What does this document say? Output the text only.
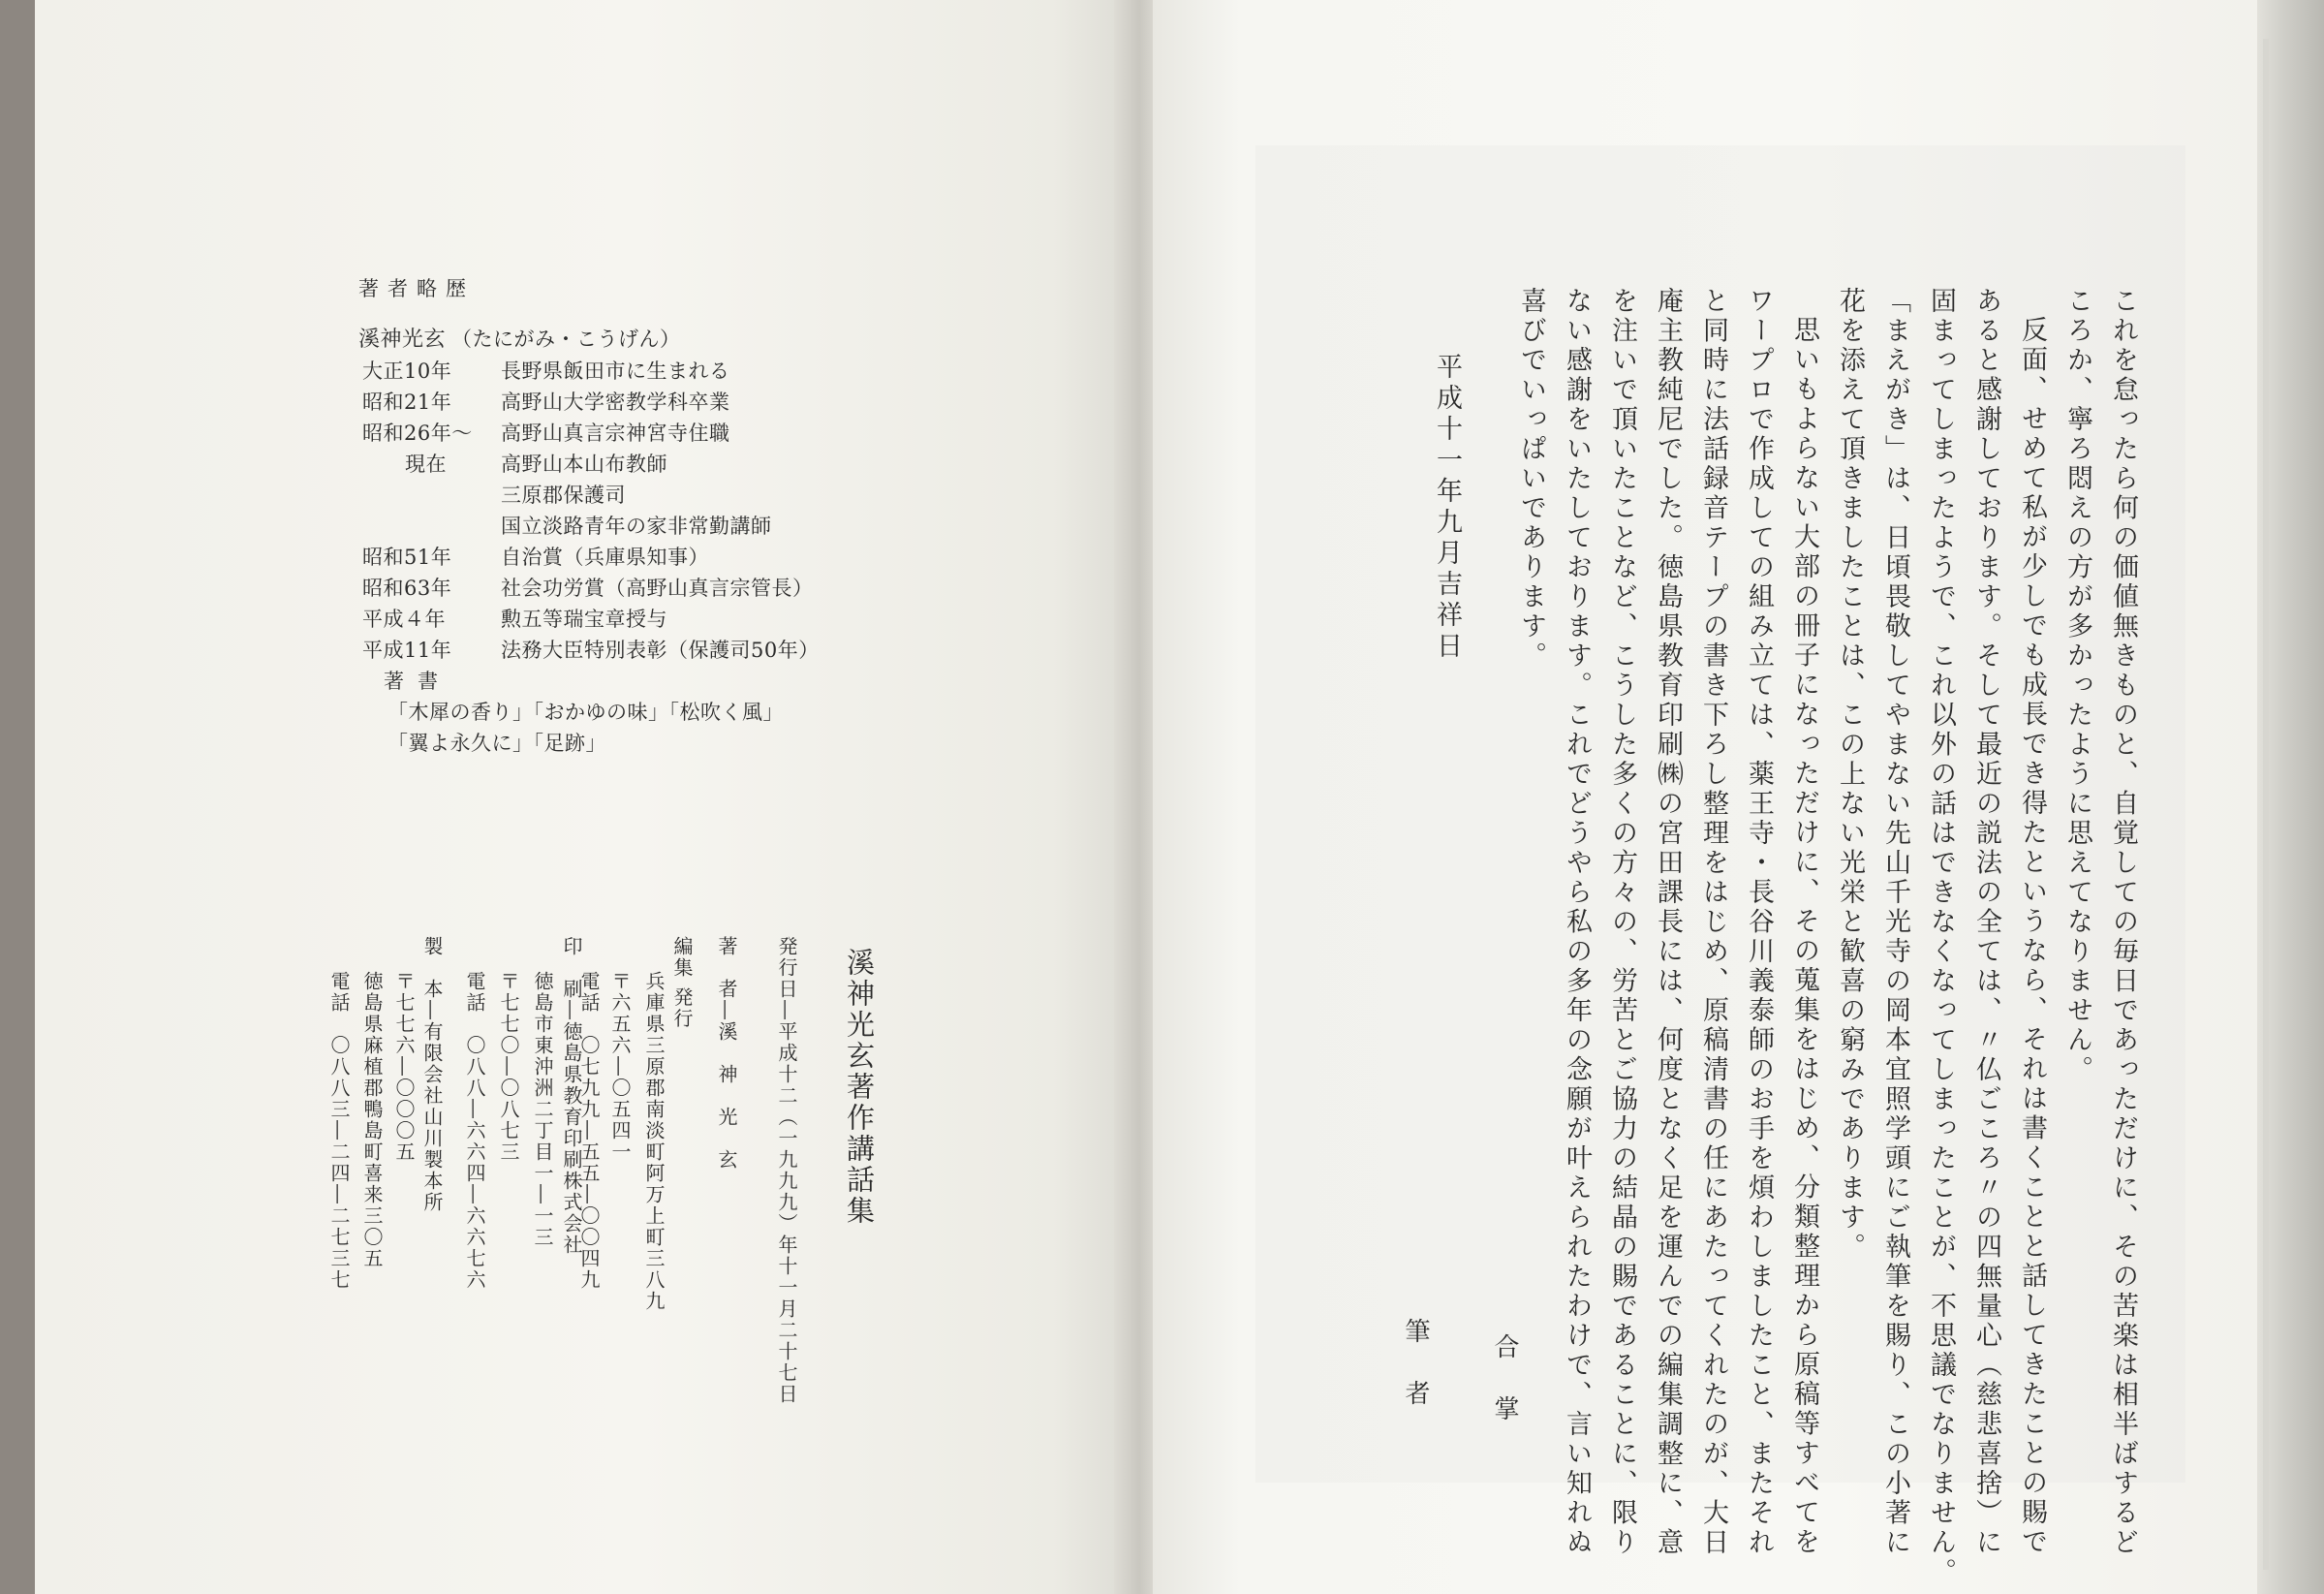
著者略歴
溪神光玄 （たにがみ・こうげん）
大正10年 長野県飯田市に生まれる
昭和21年 高野山大学密教学科卒業
昭和26年～ 高野山真言宗神宮寺住職
現在	高野山本山布教師
三原郡保護司
国立淡路青年の家非常勤講師
昭和51年 自治賞（兵庫県知事）
昭和63年 社会功労賞（高野山真言宗管長）
平成４年	勲五等瑞宝章授与
平成11年 法務大臣特別表彰（保護司50年）
著書
「木犀の香り」「おかゆの味」「松吹く風」
「翼よ永久に」「足跡」
溪神光玄著作講話集
発行日―平成十二（一九九九）年十一月二十七日
著　者―溪　神　光　玄
編集 発行
兵庫県三原郡南淡町阿万上町三八九
〒六五六―〇五四一
電話　〇七九九―五五―〇〇四九
印　刷―徳島県教育印刷株式会社
徳島市東沖洲二丁目一―一三
〒七七〇―〇八七三
電話　〇八八―六六四―六六七六
製　本―有限会社山川製本所
〒七七六―〇〇〇五
徳島県麻植郡鴨島町喜来三〇五
電話　〇八八三―二四―二七三七	これを怠ったら何の価値無きものと、自覚しての毎日であっただけに、その苦楽は相半ばするど
ころか、寧ろ悶えの方が多かったように思えてなりません。
反面、せめて私が少しでも成長でき得たというなら、それは書くことと話してきたことの賜で
あると感謝しております。そして最近の説法の全ては、〃仏ごころ〃の四無量心（慈悲喜捨）に
固まってしまったようで、これ以外の話はできなくなってしまったことが、不思議でなりません。
「まえがき」は、日頃畏敬してやまない先山千光寺の岡本宜照学頭にご執筆を賜り、この小著に
花を添えて頂きましたことは、この上ない光栄と歓喜の窮みであります。
思いもよらない大部の冊子になっただけに、その蒐集をはじめ、分類整理から原稿等すべてを
ワープロで作成しての組み立ては、薬王寺・長谷川義泰師のお手を煩わしましたこと、またそれ
と同時に法話録音テープの書き下ろし整理をはじめ、原稿清書の任にあたってくれたのが、大日
庵主教純尼でした。徳島県教育印刷㈱の宮田課長には、何度となく足を運んでの編集調整に、意
を注いで頂いたことなど、こうした多くの方々の、労苦とご協力の結晶の賜であることに、限り
ない感謝をいたしております。これでどうやら私の多年の念願が叶えられたわけで、言い知れぬ
喜びでいっぱいであります。
平成十一年九月吉祥日
合掌
筆者
